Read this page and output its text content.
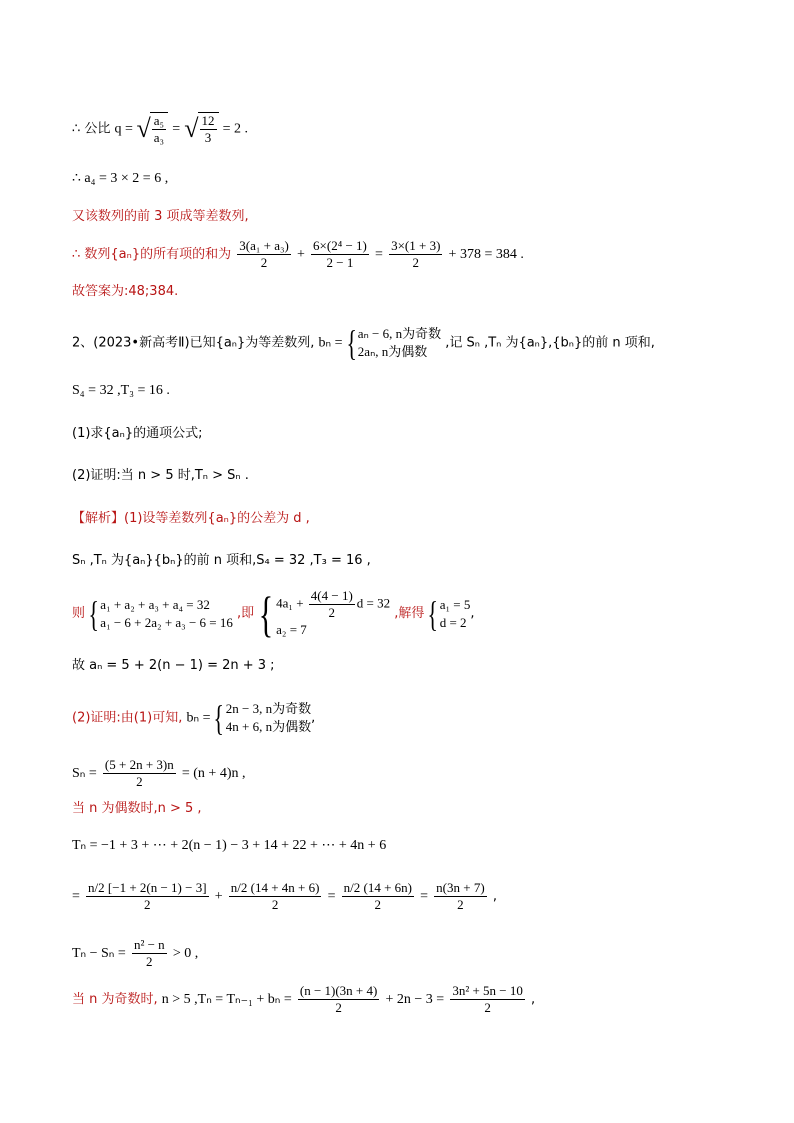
∴ 公比 q = √ $\frac{\text{a₅}}{\text{a₃}}$ = √ $\frac{12}{3} = 2$ .
∴ a₄ = 3 × 2 = 6 ,
又该数列的前 3 项成等差数列,
∴ 数列{aₙ}的所有项的和为 $\frac{\text{3(a₁ + a₃)}}{2} + \frac{\text{6×(2⁴ − 1)}}{2 - 1} = \frac{3\times(1 + 3)}{2} + 378 = 384$ .
故答案为:48;384.
2、(2023•新高考Ⅱ)已知{aₙ}为等差数列, bₙ ={ aₙ − 6, n为奇数
2aₙ, n为偶数
,记 Sₙ ,Tₙ 为{aₙ},{bₙ}的前 n 项和,
S₄ = 32 ,T₃ = 16 .
(1)求{aₙ}的通项公式;
(2)证明:当 n > 5 时,Tₙ > Sₙ .
【解析】(1)设等差数列{aₙ}的公差为 d ,
Sₙ ,Tₙ 为{aₙ}{bₙ}的前 n 项和,S₄ = 32 ,T₃ = 16 ,
则{ a₁ + a₂ + a₃ + a₄ = 32
a₁ − 6 + 2a₂ + a₃ − 6 = 16
,即{ $4a_1 + \frac{4(4 - 1)}{2}$ d = 32
a₂ = 7
,解得{ a₁ = 5
d = 2
,
故 aₙ = 5 + 2(n − 1) = 2n + 3 ;
(2)证明:由(1)可知, bₙ ={ 2n − 3, n为奇数
4n + 6, n为偶数
,
$S_n = \frac{(5 + 2n + 3)n}{2} = (n + 4)n$ ,
当 n 为偶数时,n > 5 ,
Tₙ = −1 + 3 + ⋯ + 2(n − 1) − 3 + 14 + 22 + ⋯ + 4n + 6
= $\frac{n/2 [-1 + 2(n - 1) - 3]}{2} + \frac{n/2 (14 + 4n + 6)}{2} = \frac{n/2 (14 + 6n)}{2} = \frac{n(3n + 7)}{2}$ ,
$T_n - S_n = \frac{\text{n² − n}}{2} > 0$ ,
当 n 为奇数时, n > 5 $,T_n = T_{n-1} + b_n = \frac{(n - 1)(3n + 4)}{2} + 2n - 3 = \frac{\text{3n² + 5n − 10}}{2}$ ,
